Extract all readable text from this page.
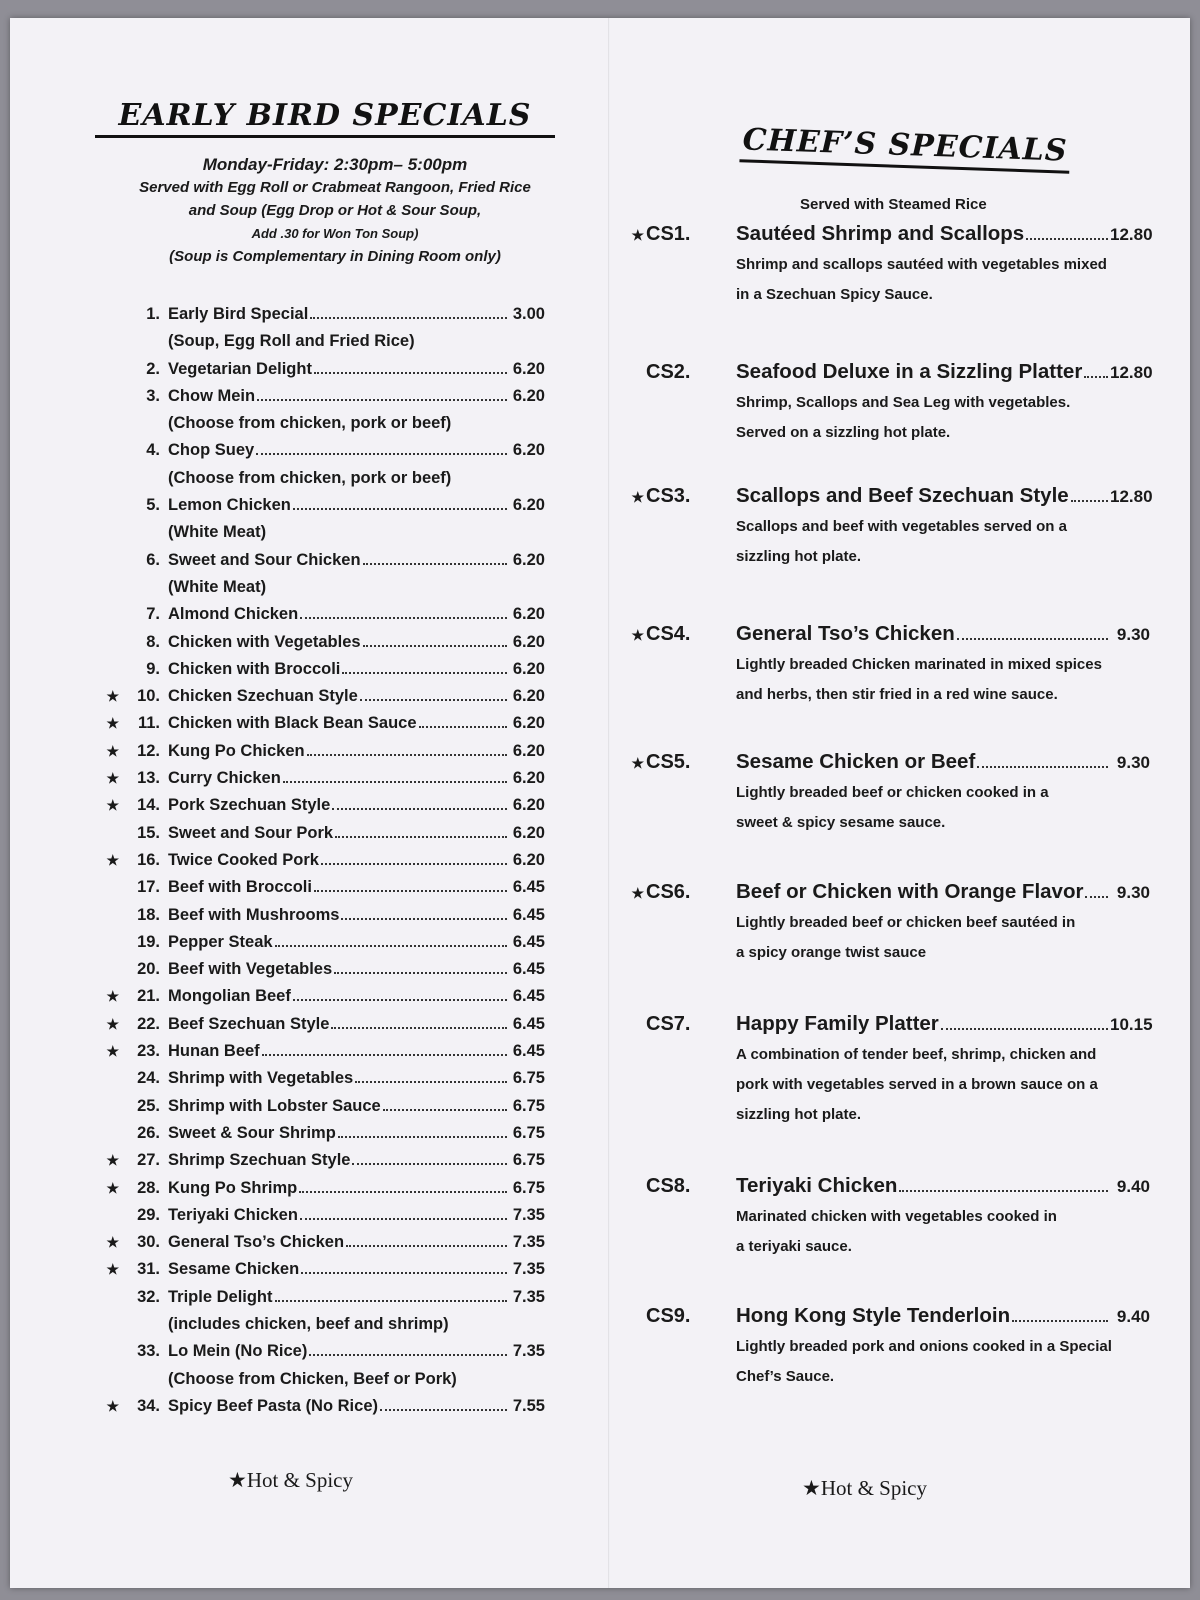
EARLY BIRD SPECIALS
Monday-Friday: 2:30pm– 5:00pm
Served with Egg Roll or Crabmeat Rangoon, Fried Rice
and Soup (Egg Drop or Hot & Sour Soup,
Add .30 for Won Ton Soup)
(Soup is Complementary in Dining Room only)
1. Early Bird Special	3.00
(Soup, Egg Roll and Fried Rice)
2. Vegetarian Delight	6.20
3. Chow Mein	6.20
(Choose from chicken, pork or beef)
4. Chop Suey	6.20
(Choose from chicken, pork or beef)
5. Lemon Chicken	6.20
(White Meat)
6. Sweet and Sour Chicken	6.20
(White Meat)
7. Almond Chicken	6.20
8. Chicken with Vegetables	6.20
9. Chicken with Broccoli	6.20
★	10. Chicken Szechuan Style	6.20
★	11. Chicken with Black Bean Sauce	6.20
★	12. Kung Po Chicken	6.20
★	13. Curry Chicken	6.20
★	14. Pork Szechuan Style	6.20
15. Sweet and Sour Pork	6.20
★	16. Twice Cooked Pork	6.20
17. Beef with Broccoli	6.45
18. Beef with Mushrooms	6.45
19. Pepper Steak	6.45
20. Beef with Vegetables	6.45
★	21. Mongolian Beef	6.45
★	22. Beef Szechuan Style	6.45
★	23. Hunan Beef	6.45
24. Shrimp with Vegetables	6.75
25. Shrimp with Lobster Sauce	6.75
26. Sweet & Sour Shrimp	6.75
★	27. Shrimp Szechuan Style	6.75
★	28. Kung Po Shrimp	6.75
29. Teriyaki Chicken	7.35
★	30. General Tso’s Chicken	7.35
★	31. Sesame Chicken	7.35
32. Triple Delight	7.35
(includes chicken, beef and shrimp)
33. Lo Mein (No Rice)	7.35
(Choose from Chicken, Beef or Pork)
★	34. Spicy Beef Pasta (No Rice)	7.55
★Hot & Spicy
CHEF’S SPECIALS
Served with Steamed Rice
★ CS1.	Sautéed Shrimp and Scallops	12.80
Shrimp and scallops sautéed with vegetables mixed
in a Szechuan Spicy Sauce.
CS2.	Seafood Deluxe in a Sizzling Platter 12.80
Shrimp, Scallops and Sea Leg with vegetables.
Served on a sizzling hot plate.
★ CS3.	Scallops and Beef Szechuan Style 12.80
Scallops and beef with vegetables served on a
sizzling hot plate.
★ CS4.	General Tso’s Chicken	9.30
Lightly breaded Chicken marinated in mixed spices
and herbs, then stir fried in a red wine sauce.
★ CS5.	Sesame Chicken or Beef	9.30
Lightly breaded beef or chicken cooked in a
sweet & spicy sesame sauce.
★ CS6.	Beef or Chicken with Orange Flavor	9.30
Lightly breaded beef or chicken beef sautéed in
a spicy orange twist sauce
CS7.	Happy Family Platter	10.15
A combination of tender beef, shrimp, chicken and
pork with vegetables served in a brown sauce on a
sizzling hot plate.
CS8.	Teriyaki Chicken	9.40
Marinated chicken with vegetables cooked in
a teriyaki sauce.
CS9.	Hong Kong Style Tenderloin	9.40
Lightly breaded pork and onions cooked in a Special
Chef’s Sauce.
★Hot & Spicy
